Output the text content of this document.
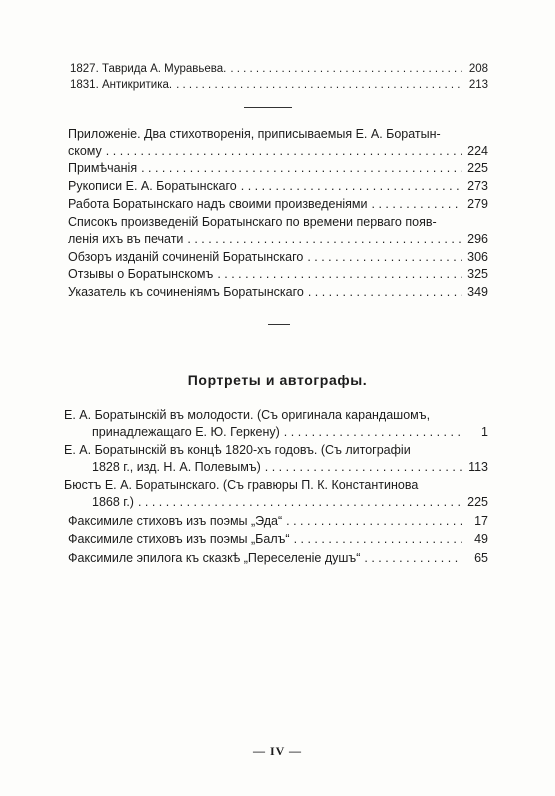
1827. Таврида А. Муравьева. . . .	208
1831. Антикритика. . . .	213
Приложеніе. Два стихотворенія, приписываемыя Е. А. Боратын-
скому . . .	224
Примѣчанія . . .	225
Рукописи Е. А. Боратынскаго . . .	273
Работа Боратынскаго надъ своими произведеніями . . .	279
Списокъ произведеній Боратынскаго по времени перваго появ-
ленія ихъ въ печати . . .	296
Обзоръ изданій сочиненій Боратынскаго . . .	306
Отзывы о Боратынскомъ . . .	325
Указатель къ сочиненіямъ Боратынскаго . . .	349
Портреты и автографы.
Е. А. Боратынскій въ молодости. (Съ оригинала карандашомъ,
принадлежащаго Е. Ю. Геркену) . . .	1
Е. А. Боратынскій въ концѣ 1820-хъ годовъ. (Съ литографіи
1828 г., изд. Н. А. Полевымъ) . . .	113
Бюстъ Е. А. Боратынскаго. (Съ гравюры П. К. Константинова
1868 г.) . . .	225
Факсимиле стиховъ изъ поэмы „Эда“ . . .	17
Факсимиле стиховъ изъ поэмы „Балъ“ . . .	49
Факсимиле эпилога къ сказкѣ „Переселеніе душъ“ . . .	65
— IV —
